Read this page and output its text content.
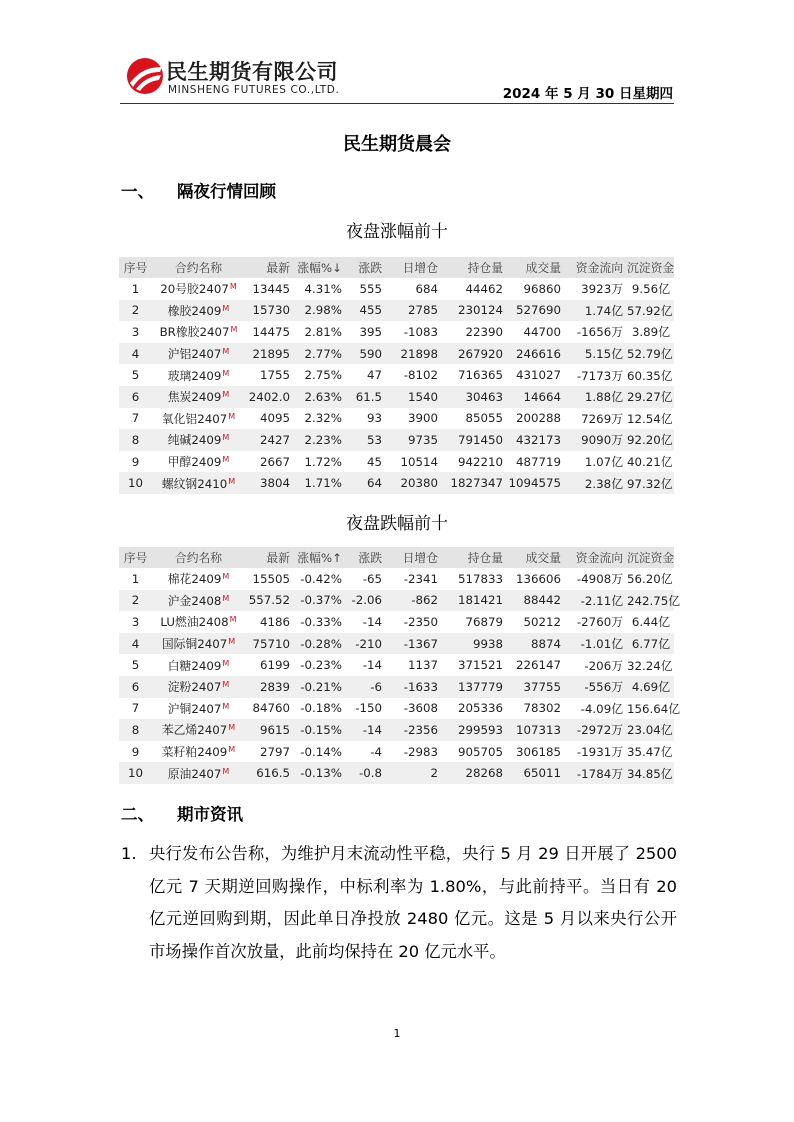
民生期货有限公司
MINSHENG FUTURES CO.,LTD.	2024 年 5 月 30 日星期四
民生期货晨会
一、 隔夜行情回顾
夜盘涨幅前十
序号	合约名称	最新	涨幅%↓	涨跌	日增仓	持仓量	成交量	资金流向	沉淀资金
1	20号胶$2407^M$	13445	4.31%	555	684	44462	96860	3923万	9.56亿
2	橡胶$2409^M$	15730	2.98%	455	2785	230124	527690	1.74亿	57.92亿
3	BR橡胶$2407^M$	14475	2.81%	395	-1083	22390	44700	-1656万	3.89亿
4	沪铝$2407^M$	21895	2.77%	590	21898	267920	246616	5.15亿	52.79亿
5	玻璃$2409^M$	1755	2.75%	47	-8102	716365	431027	-7173万	60.35亿
6	焦炭$2409^M$	2402.0	2.63%	61.5	1540	30463	14664	1.88亿	29.27亿
7	氧化铝$2407^M$	4095	2.32%	93	3900	85055	200288	7269万	12.54亿
8	纯碱$2409^M$	2427	2.23%	53	9735	791450	432173	9090万	92.20亿
9	甲醇$2409^M$	2667	1.72%	45	10514	942210	487719	1.07亿	40.21亿
10	螺纹钢$2410^M$	3804	1.71%	64	20380	1827347	1094575	2.38亿	97.32亿
夜盘跌幅前十
序号	合约名称	最新	涨幅%↑	涨跌	日增仓	持仓量	成交量	资金流向	沉淀资金
1	棉花$2409^M$	15505	-0.42%	-65	-2341	517833	136606	-4908万	56.20亿
2	沪金$2408^M$	557.52	-0.37%	-2.06	-862	181421	88442	-2.11亿	242.75亿
3	LU燃油$2408^M$	4186	-0.33%	-14	-2350	76879	50212	-2760万	6.44亿
4	国际铜$2407^M$	75710	-0.28%	-210	-1367	9938	8874	-1.01亿	6.77亿
5	白糖$2409^M$	6199	-0.23%	-14	1137	371521	226147	-206万	32.24亿
6	淀粉$2407^M$	2839	-0.21%	-6	-1633	137779	37755	-556万	4.69亿
7	沪铜$2407^M$	84760	-0.18%	-150	-3608	205336	78302	-4.09亿	156.64亿
8	苯乙烯$2407^M$	9615	-0.15%	-14	-2356	299593	107313	-2972万	23.04亿
9	菜籽粕$2409^M$	2797	-0.14%	-4	-2983	905705	306185	-1931万	35.47亿
10	原油$2407^M$	616.5	-0.13%	-0.8	2	28268	65011	-1784万	34.85亿
二、 期市资讯
1. 央行发布公告称，为维护月末流动性平稳，央行 5 月 29 日开展了 2500 亿元 7 天期逆回购操作，中标利率为 1.80%，与此前持平。当日有 20 亿元逆回购到期，因此单日净投放 2480 亿元。这是 5 月以来央行公开市场操作首次放量，此前均保持在 20 亿元水平。
1
